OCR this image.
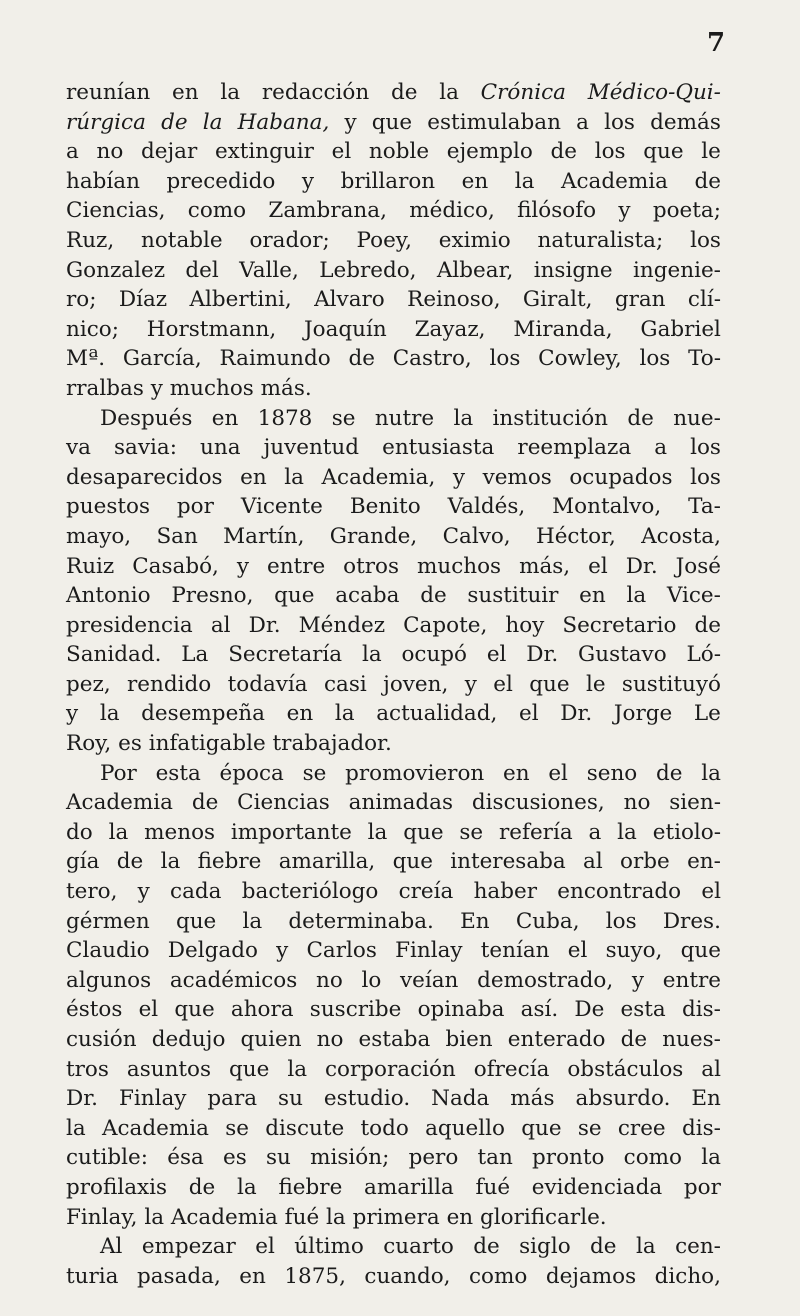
7
reunían en la redacción de la Crónica Médico-Qui-
rúrgica de la Habana, y que estimulaban a los demás
a no dejar extinguir el noble ejemplo de los que le
habían precedido y brillaron en la Academia de
Ciencias, como Zambrana, médico, filósofo y poeta;
Ruz, notable orador; Poey, eximio naturalista; los
Gonzalez del Valle, Lebredo, Albear, insigne ingenie-
ro; Díaz Albertini, Alvaro Reinoso, Giralt, gran clí-
nico; Horstmann, Joaquín Zayaz, Miranda, Gabriel
Mª. García, Raimundo de Castro, los Cowley, los To-
rralbas
y
muchos
más.
Después en 1878 se nutre la institución de nue-
va savia: una juventud entusiasta reemplaza a los
desaparecidos en la Academia, y vemos ocupados los
puestos por Vicente Benito Valdés, Montalvo, Ta-
mayo, San Martín, Grande, Calvo, Héctor, Acosta,
Ruiz Casabó, y entre otros muchos más, el Dr. José
Antonio Presno, que acaba de sustituir en la Vice-
presidencia al Dr. Méndez Capote, hoy Secretario de
Sanidad. La Secretaría la ocupó el Dr. Gustavo Ló-
pez, rendido todavía casi joven, y el que le sustituyó
y la desempeña en la actualidad, el Dr. Jorge Le
Roy,
es
infatigable
trabajador.
Por esta época se promovieron en el seno de la
Academia de Ciencias animadas discusiones, no sien-
do la menos importante la que se refería a la etiolo-
gía de la fiebre amarilla, que interesaba al orbe en-
tero, y cada bacteriólogo creía haber encontrado el
gérmen que la determinaba. En Cuba, los Dres.
Claudio Delgado y Carlos Finlay tenían el suyo, que
algunos académicos no lo veían demostrado, y entre
éstos el que ahora suscribe opinaba así. De esta dis-
cusión dedujo quien no estaba bien enterado de nues-
tros asuntos que la corporación ofrecía obstáculos al
Dr. Finlay para su estudio. Nada más absurdo. En
la Academia se discute todo aquello que se cree dis-
cutible: ésa es su misión; pero tan pronto como la
profilaxis de la fiebre amarilla fué evidenciada por
Finlay,
la
Academia
fué
la
primera
en
glorificarle.
Al empezar el último cuarto de siglo de la cen-
turia pasada, en 1875, cuando, como dejamos dicho,
